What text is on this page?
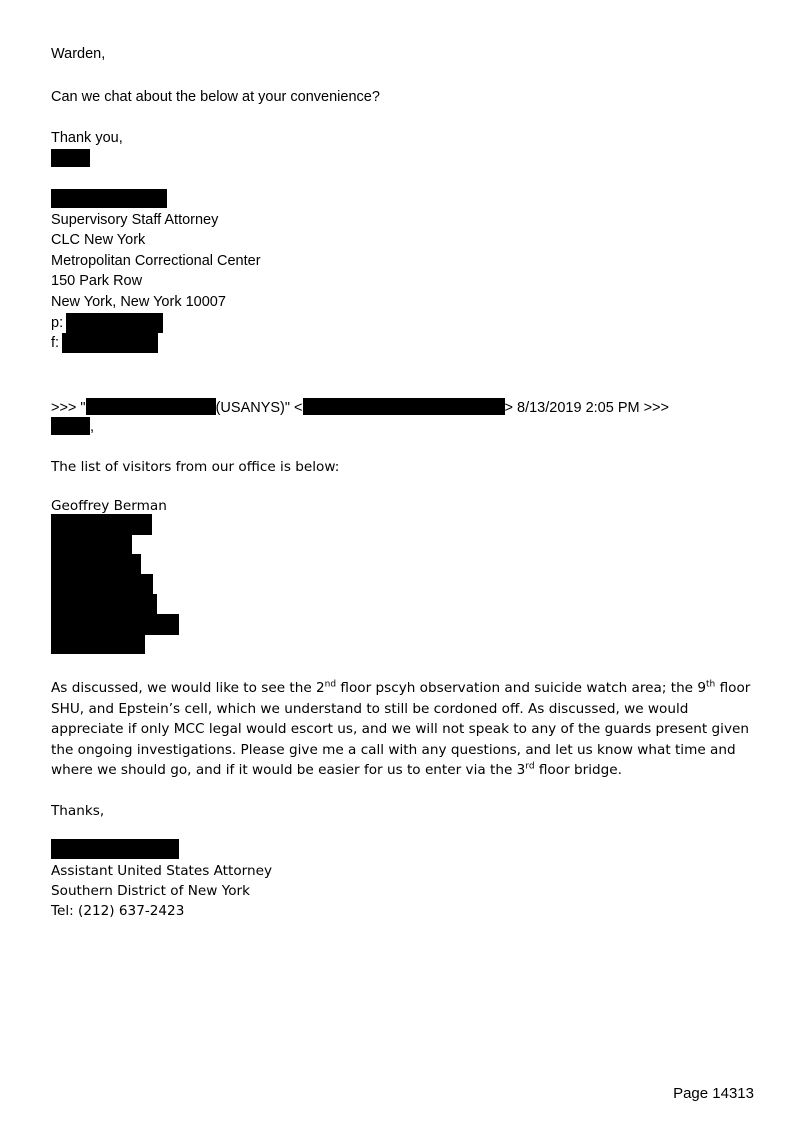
Warden,
Can we chat about the below at your convenience?
Thank you,
Supervisory Staff Attorney
CLC New York
Metropolitan Correctional Center
150 Park Row
New York, New York 10007
p:
f:
>>> "	(USANYS)" <	> 8/13/2019 2:05 PM >>>
,
The list of visitors from our office is below:
Geoffrey Berman
As discussed, we would like to see the 2nd floor pscyh observation and suicide watch area; the 9th floor SHU, and Epstein’s cell, which we understand to still be cordoned off. As discussed, we would appreciate if only MCC legal would escort us, and we will not speak to any of the guards present given the ongoing investigations. Please give me a call with any questions, and let us know what time and where we should go, and if it would be easier for us to enter via the 3rd floor bridge.
Thanks,
Assistant United States Attorney
Southern District of New York
Tel: (212) 637-2423
Page 14313
